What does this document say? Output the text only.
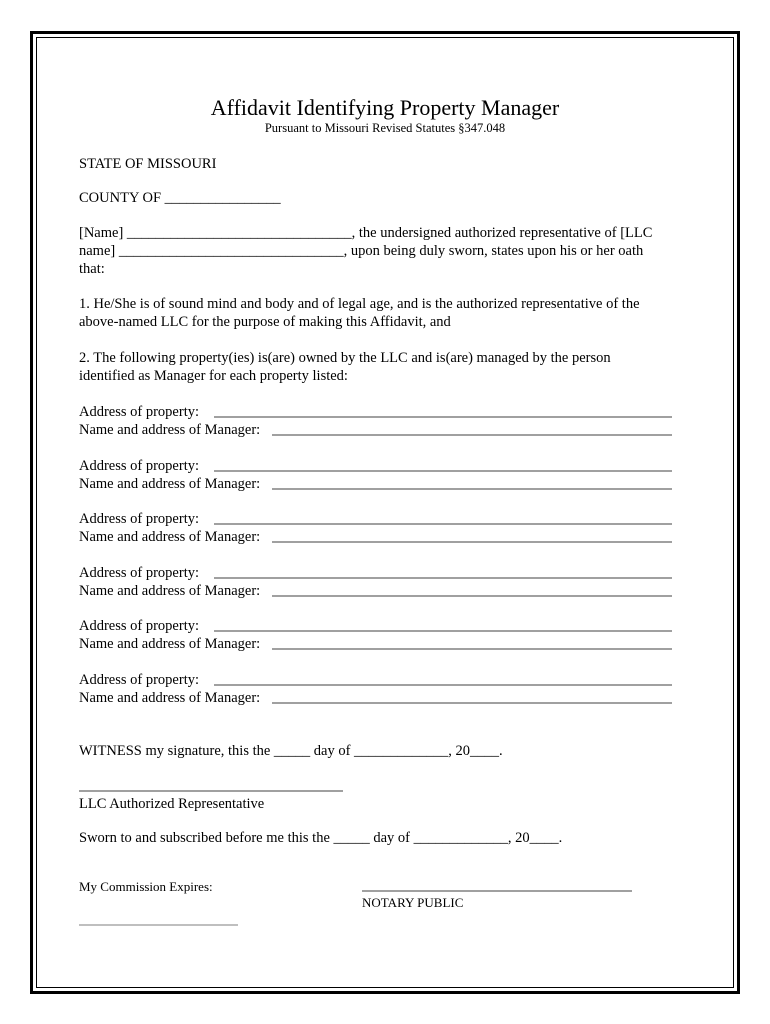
Affidavit Identifying Property Manager
Pursuant to Missouri Revised Statutes §347.048
STATE OF MISSOURI
COUNTY OF ________________
[Name] _______________________________, the undersigned authorized representative of [LLC
name] _______________________________, upon being duly sworn, states upon his or her oath
that:
1. He/She is of sound mind and body and of legal age, and is the authorized representative of the
above-named LLC for the purpose of making this Affidavit, and
2. The following property(ies) is(are) owned by the LLC and is(are) managed by the person
identified as Manager for each property listed:
Address of property:
Name and address of Manager:
Address of property:
Name and address of Manager:
Address of property:
Name and address of Manager:
Address of property:
Name and address of Manager:
Address of property:
Name and address of Manager:
Address of property:
Name and address of Manager:
WITNESS my signature, this the _____ day of _____________, 20____.
LLC Authorized Representative
Sworn to and subscribed before me this the _____ day of _____________, 20____.
My Commission Expires:
NOTARY PUBLIC
